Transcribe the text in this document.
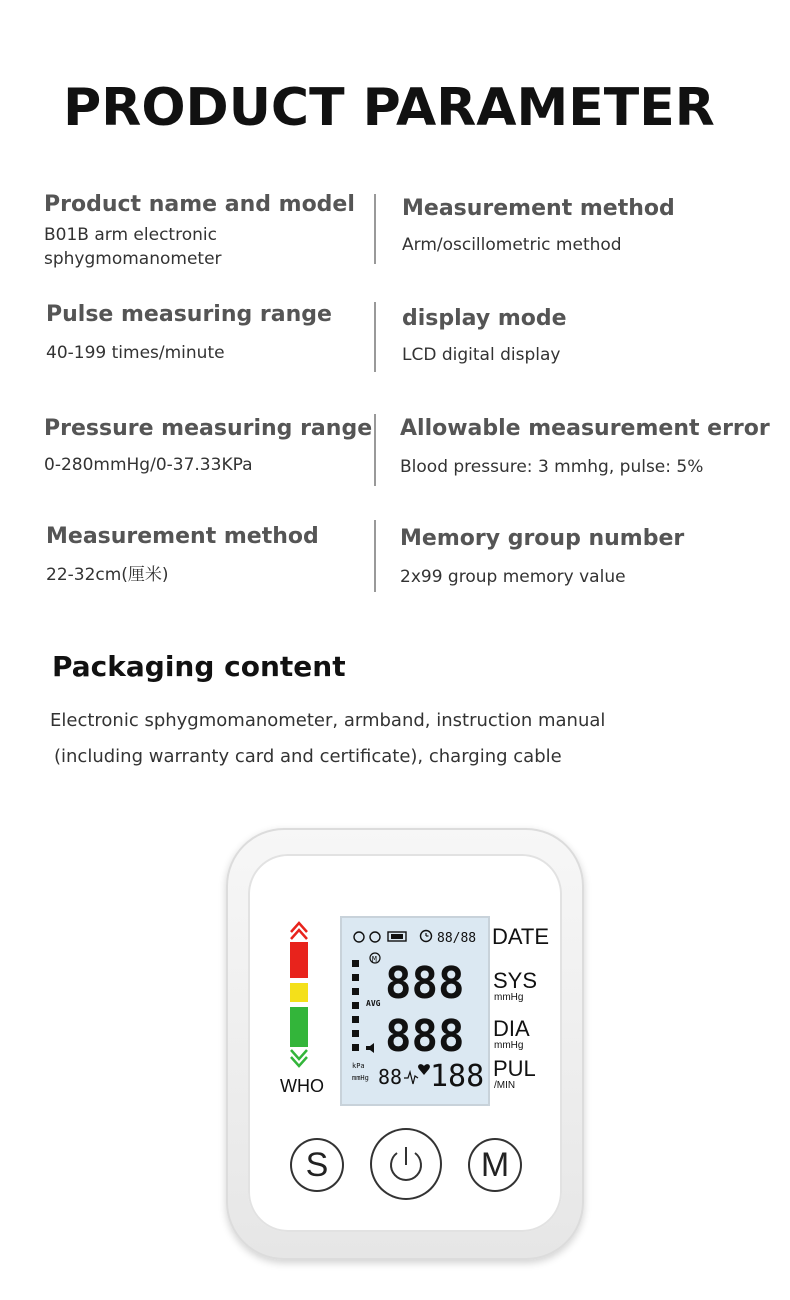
PRODUCT PARAMETER
Product name and model
B01B arm electronic
sphygmomanometer
Measurement method
Arm/oscillometric method
Pulse measuring range
40-199 times/minute
display mode
LCD digital display
Pressure measuring range
0-280mmHg/0-37.33KPa
Allowable measurement error
Blood pressure: 3 mmhg, pulse: 5%
Measurement method
22-32cm(厘米)
Memory group number
2x99 group memory value
Packaging content
Electronic sphygmomanometer, armband, instruction manual
(including warranty card and certificate), charging cable
WHO
88/88
M 888
AVG
888
kPa
mmHg 88 188
DATE
SYS
mmHg
DIA
mmHg
PUL
/MIN
S	M
